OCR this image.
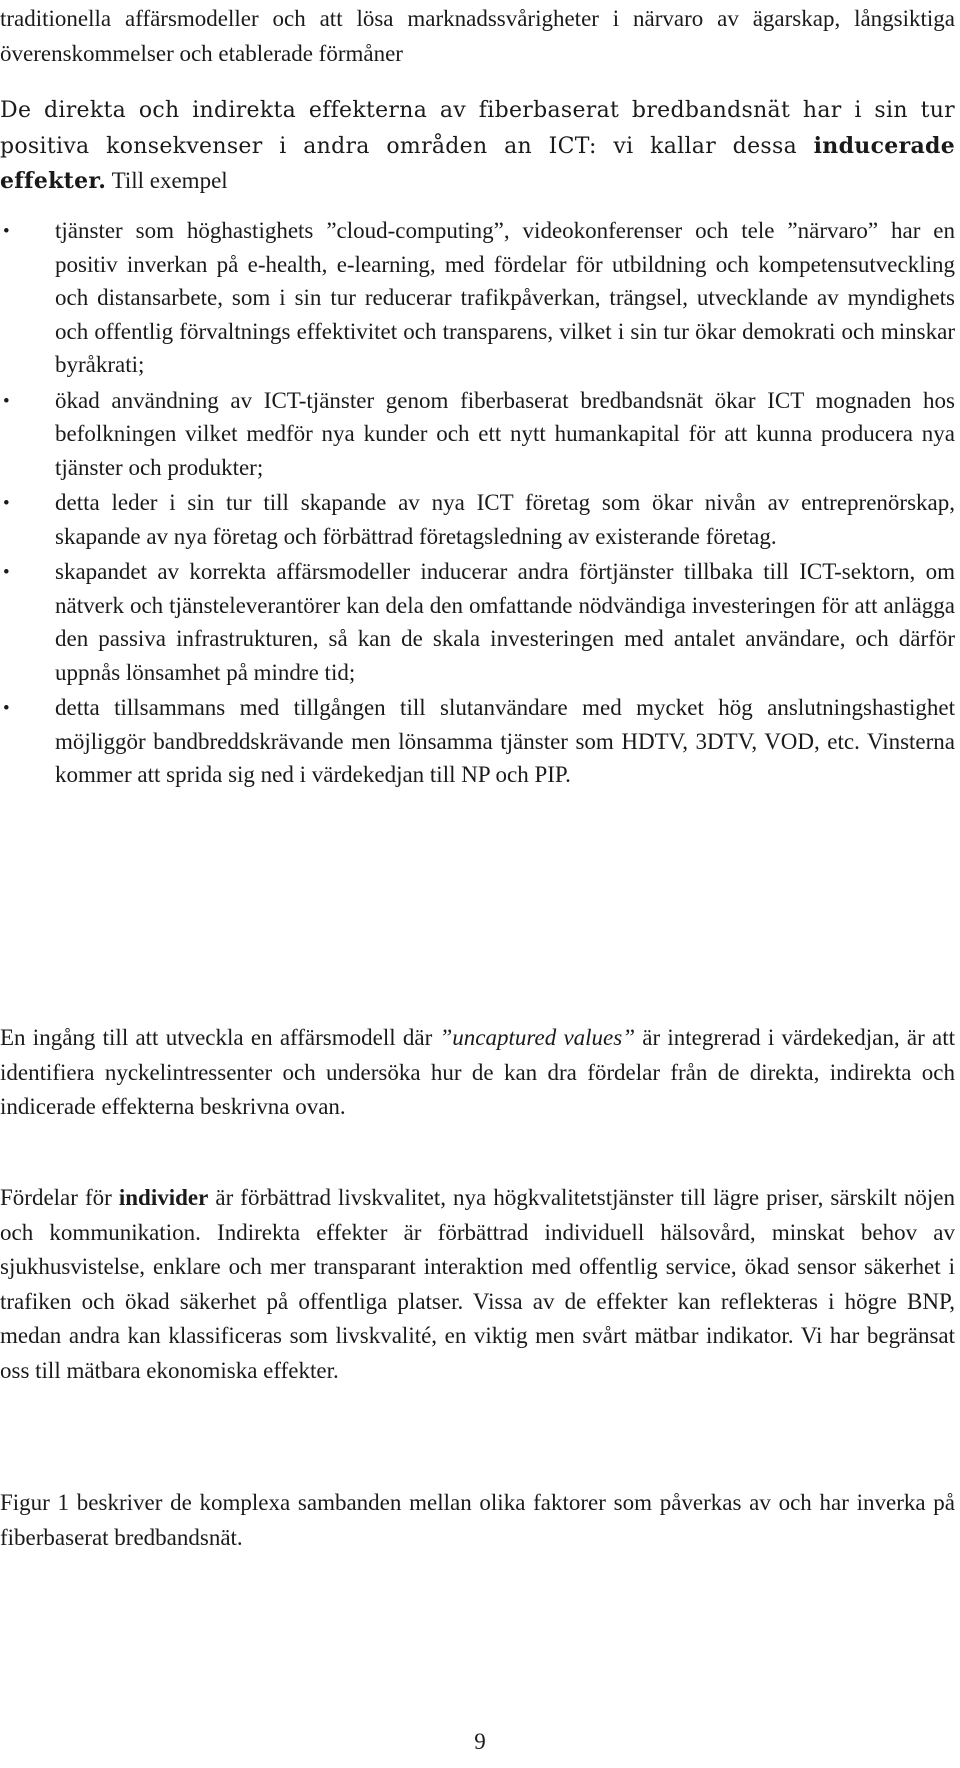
traditionella affärsmodeller och att lösa marknadssvårigheter i närvaro av ägarskap, långsiktiga överenskommelser och etablerade förmåner

De direkta och indirekta effekterna av fiberbaserat bredbandsnät har i sin tur positiva konsekvenser i andra områden an ICT: vi kallar dessa inducerade effekter. Till exempel

• tjänster som höghastighets ”cloud-computing”, videokonferenser och tele ”närvaro” har en positiv inverkan på e-health, e-learning, med fördelar för utbildning och kompetensutveckling och distansarbete, som i sin tur reducerar trafikpåverkan, trängsel, utvecklande av myndighets och offentlig förvaltnings effektivitet och transparens, vilket i sin tur ökar demokrati och minskar byråkrati;
• ökad användning av ICT-tjänster genom fiberbaserat bredbandsnät ökar ICT mognaden hos befolkningen vilket medför nya kunder och ett nytt humankapital för att kunna producera nya tjänster och produkter;
• detta leder i sin tur till skapande av nya ICT företag som ökar nivån av entreprenörskap, skapande av nya företag och förbättrad företagsledning av existerande företag.
• skapandet av korrekta affärsmodeller inducerar andra förtjänster tillbaka till ICT-sektorn, om nätverk och tjänsteleverantörer kan dela den omfattande nödvändiga investeringen för att anlägga den passiva infrastrukturen, så kan de skala investeringen med antalet användare, och därför uppnås lönsamhet på mindre tid;
• detta tillsammans med tillgången till slutanvändare med mycket hög anslutningshastighet möjliggör bandbreddskrävande men lönsamma tjänster som HDTV, 3DTV, VOD, etc. Vinsterna kommer att sprida sig ned i värdekedjan till NP och PIP.

En ingång till att utveckla en affärsmodell där ”uncaptured values” är integrerad i värdekedjan, är att identifiera nyckelintressenter och undersöka hur de kan dra fördelar från de direkta, indirekta och indicerade effekterna beskrivna ovan.

Fördelar för individer är förbättrad livskvalitet, nya högkvalitetstjänster till lägre priser, särskilt nöjen och kommunikation. Indirekta effekter är förbättrad individuell hälsovård, minskat behov av sjukhusvistelse, enklare och mer transparant interaktion med offentlig service, ökad sensor säkerhet i trafiken och ökad säkerhet på offentliga platser. Vissa av de effekter kan reflekteras i högre BNP, medan andra kan klassificeras som livskvalité, en viktig men svårt mätbar indikator. Vi har begränsat oss till mätbara ekonomiska effekter.

Figur 1 beskriver de komplexa sambanden mellan olika faktorer som påverkas av och har inverka på fiberbaserat bredbandsnät.

9
